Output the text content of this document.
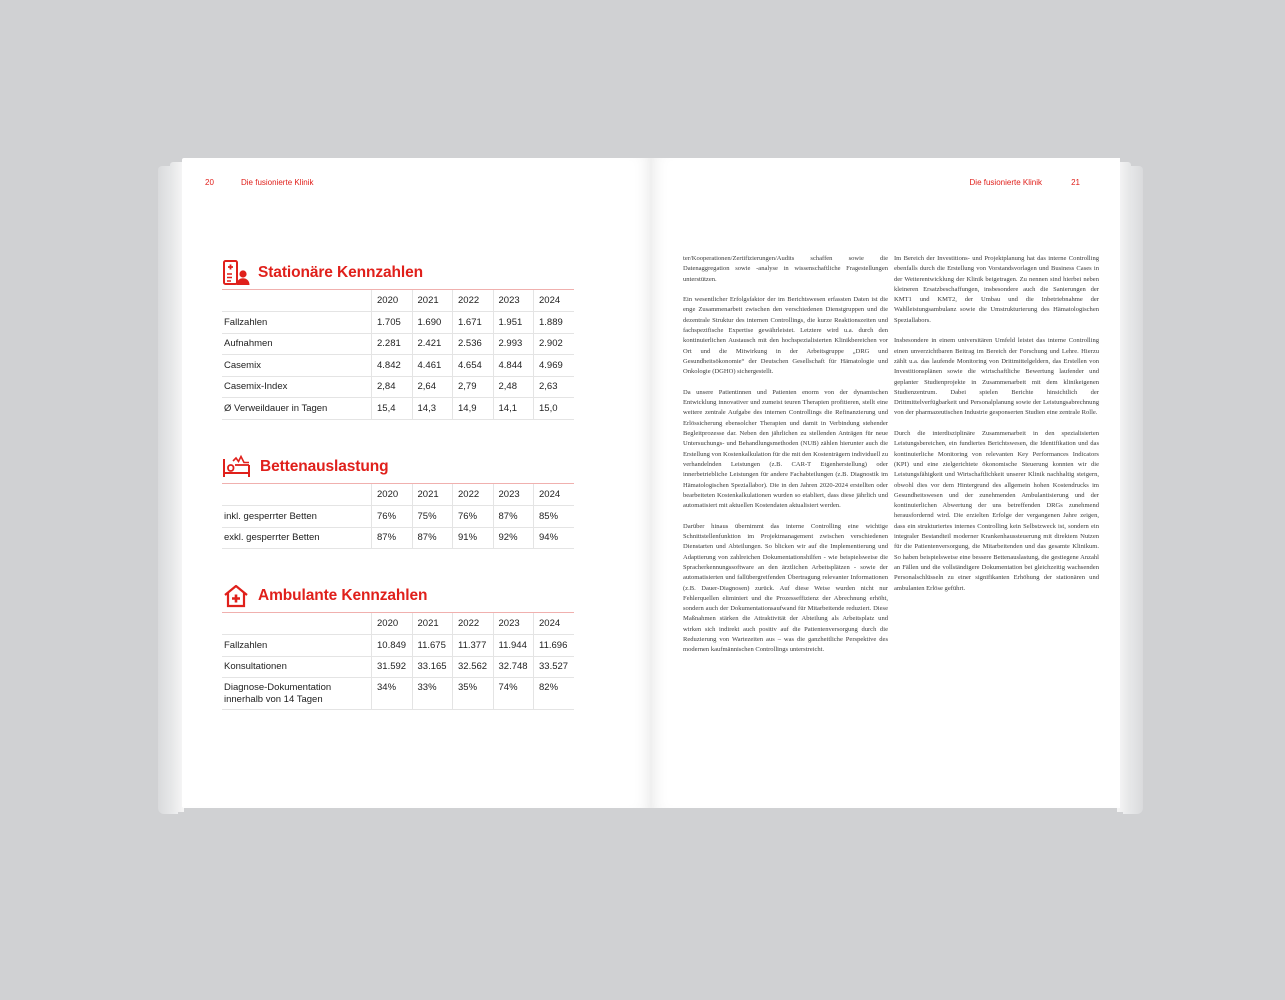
20	Die fusionierte Klinik
Stationäre Kennzahlen
	2020	2021	2022	2023	2024
Fallzahlen	1.705	1.690	1.671	1.951	1.889
Aufnahmen	2.281	2.421	2.536	2.993	2.902
Casemix	4.842	4.461	4.654	4.844	4.969
Casemix-Index	2,84	2,64	2,79	2,48	2,63
Ø Verweildauer in Tagen	15,4	14,3	14,9	14,1	15,0
Bettenauslastung
	2020	2021	2022	2023	2024
inkl. gesperrter Betten	76%	75%	76%	87%	85%
exkl. gesperrter Betten	87%	87%	91%	92%	94%
Ambulante Kennzahlen
	2020	2021	2022	2023	2024
Fallzahlen	10.849	11.675	11.377	11.944	11.696
Konsultationen	31.592	33.165	32.562	32.748	33.527
Diagnose-Dokumentation
innerhalb von 14 Tagen	34%	33%	35%	74%	82%
Die fusionierte Klinik	21

ter/Kooperationen/Zertifizierungen/Audits schaffen sowie die Datenaggregation sowie -analyse in wissenschaftliche Fragestellungen unterstützen.

Ein wesentlicher Erfolgsfaktor der im Berichtswesen erfassten Daten ist die enge Zusammenarbeit zwischen den verschiedenen Dienstgruppen und die dezentrale Struktur des internen Controllings, die kurze Reaktionszeiten und fachspezifische Expertise gewährleistet. Letztere wird u.a. durch den kontinuierlichen Austausch mit den hochspezialisierten Klinikbereichen vor Ort und die Mitwirkung in der Arbeitsgruppe „DRG und Gesundheitsökonomie“ der Deutschen Gesellschaft für Hämatologie und Onkologie (DGHO) sichergestellt.

Da unsere Patientinnen und Patienten enorm von der dynamischen Entwicklung innovativer und zumeist teuren Therapien profitieren, stellt eine weitere zentrale Aufgabe des internen Controllings die Refinanzierung und Erlössicherung ebensolcher Therapien und damit in Verbindung stehender Begleitprozesse dar. Neben den jährlichen zu stellenden Anträgen für neue Untersuchungs- und Behandlungsmethoden (NUB) zählen hierunter auch die Erstellung von Kostenkalkulation für die mit den Kostenträgern individuell zu verhandelnden Leistungen (z.B. CAR-T Eigenherstellung) oder innerbetriebliche Leistungen für andere Fachabteilungen (z.B. Diagnostik im Hämatologischen Speziallabor). Die in den Jahren 2020-2024 erstellten oder bearbeiteten Kostenkalkulationen wurden so etabliert, dass diese jährlich und automatisiert mit aktuellen Kostendaten aktualisiert werden.

Darüber hinaus übernimmt das interne Controlling eine wichtige Schnittstellenfunktion im Projektmanagement zwischen verschiedenen Dienstarten und Abteilungen. So blicken wir auf die Implementierung und Adaptierung von zahlreichen Dokumentationshilfen - wie beispielsweise die Spracherkennungssoftware an den ärztlichen Arbeitsplätzen - sowie der automatisierten und fallübergreifenden Übertragung relevanter Informationen (z.B. Dauer-Diagnosen) zurück. Auf diese Weise wurden nicht nur Fehlerquellen eliminiert und die Prozesseffizienz der Abrechnung erhöht, sondern auch der Dokumentationsaufwand für Mitarbeitende reduziert. Diese Maßnahmen stärken die Attraktivität der Abteilung als Arbeitsplatz und wirken sich indirekt auch positiv auf die Patientenversorgung durch die Reduzierung von Wartezeiten aus – was die ganzheitliche Perspektive des modernen kaufmännischen Controllings unterstreicht.

Im Bereich der Investitions- und Projektplanung hat das interne Controlling ebenfalls durch die Erstellung von Vorstandsvorlagen und Business Cases in der Weiterentwicklung der Klinik beigetragen. Zu nennen sind hierbei neben kleineren Ersatzbeschaffungen, insbesondere auch die Sanierungen der KMT1 und KMT2, der Umbau und die Inbetriebnahme der Wahlleistungsambulanz sowie die Umstrukturierung des Hämatologischen Speziallabors.

Insbesondere in einem universitären Umfeld leistet das interne Controlling einen unverzichtbaren Beitrag im Bereich der Forschung und Lehre. Hierzu zählt u.a. das laufende Monitoring von Drittmittelgeldern, das Erstellen von Investitionsplänen sowie die wirtschaftliche Bewertung laufender und geplanter Studienprojekte in Zusammenarbeit mit dem klinikeigenen Studienzentrum. Dabei spielen Berichte hinsichtlich der Drittmittelverfügbarkeit und Personalplanung sowie der Leistungsabrechnung von der pharmazeutischen Industrie gesponserten Studien eine zentrale Rolle.

Durch die interdisziplinäre Zusammenarbeit in den spezialisierten Leistungsbereichen, ein fundiertes Berichtswesen, die Identifikation und das kontinuierliche Monitoring von relevanten Key Performances Indicators (KPI) und eine zielgerichtete ökonomische Steuerung konnten wir die Leistungsfähigkeit und Wirtschaftlichkeit unserer Klinik nachhaltig steigern, obwohl dies vor dem Hintergrund des allgemein hohen Kostendrucks im Gesundheitswesen und der zunehmenden Ambulantisierung und der kontinuierlichen Abwertung der uns betreffenden DRGs zunehmend herausfordernd wird. Die erzielten Erfolge der vergangenen Jahre zeigen, dass ein strukturiertes internes Controlling kein Selbstzweck ist, sondern ein integraler Bestandteil moderner Krankenhaussteuerung mit direktem Nutzen für die Patientenversorgung, die Mitarbeitenden und das gesamte Klinikum. So haben beispielsweise eine bessere Bettenauslastung, die gestiegene Anzahl an Fällen und die vollständigere Dokumentation bei gleichzeitig wachsenden Personalschlüsseln zu einer signifikanten Erhöhung der stationären und ambulanten Erlöse geführt.
